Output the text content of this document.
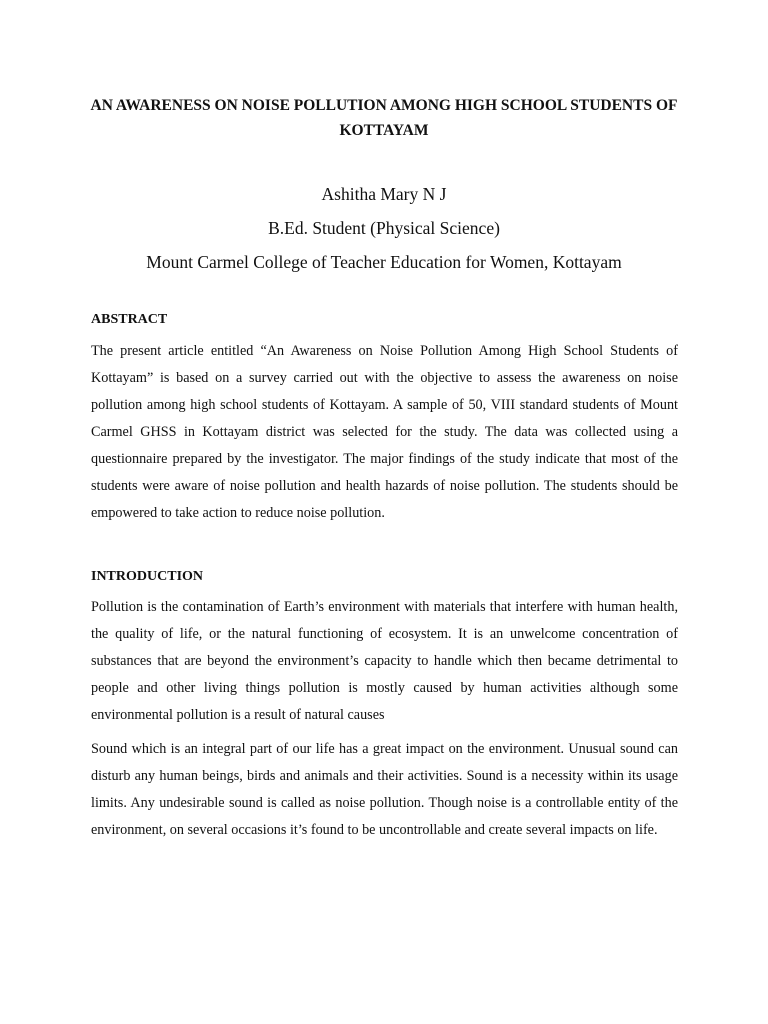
AN AWARENESS ON NOISE POLLUTION AMONG HIGH SCHOOL STUDENTS OF KOTTAYAM
Ashitha Mary N J
B.Ed. Student (Physical Science)
Mount Carmel College of Teacher Education for Women, Kottayam
ABSTRACT

The present article entitled “An Awareness on Noise Pollution Among High School Students of Kottayam” is based on a survey carried out with the objective to assess the awareness on noise pollution among high school students of Kottayam. A sample of 50, VIII standard students of Mount Carmel GHSS in Kottayam district was selected for the study. The data was collected using a questionnaire prepared by the investigator. The major findings of the study indicate that most of the students were aware of noise pollution and health hazards of noise pollution. The students should be empowered to take action to reduce noise pollution.

INTRODUCTION

Pollution is the contamination of Earth’s environment with materials that interfere with human health, the quality of life, or the natural functioning of ecosystem. It is an unwelcome concentration of substances that are beyond the environment’s capacity to handle which then became detrimental to people and other living things pollution is mostly caused by human activities although some environmental pollution is a result of natural causes

Sound which is an integral part of our life has a great impact on the environment. Unusual sound can disturb any human beings, birds and animals and their activities. Sound is a necessity within its usage limits. Any undesirable sound is called as noise pollution. Though noise is a controllable entity of the environment, on several occasions it’s found to be uncontrollable and create several impacts on life.
